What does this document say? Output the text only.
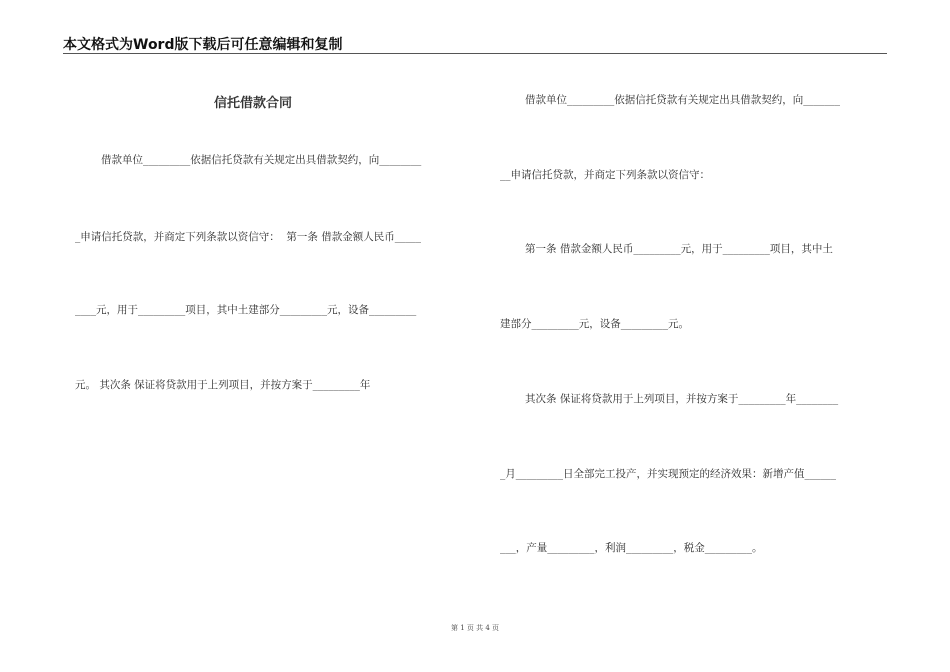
本文格式为Word版下载后可任意编辑和复制
信托借款合同
借款单位_________依据信托贷款有关规定出具借款契约，向________
_申请信托贷款，并商定下列条款以资信守：  第一条 借款金额人民币_____
____元，用于_________项目，其中土建部分_________元，设备_________
元。 其次条 保证将贷款用于上列项目，并按方案于_________年
借款单位_________依据信托贷款有关规定出具借款契约，向_______
__申请信托贷款，并商定下列条款以资信守：
第一条 借款金额人民币_________元，用于_________项目，其中土
建部分_________元，设备_________元。
其次条 保证将贷款用于上列项目，并按方案于_________年________
_月_________日全部完工投产，并实现预定的经济效果：新增产值______
___，产量_________，利润_________，税金_________。
第 1 页 共 4 页
